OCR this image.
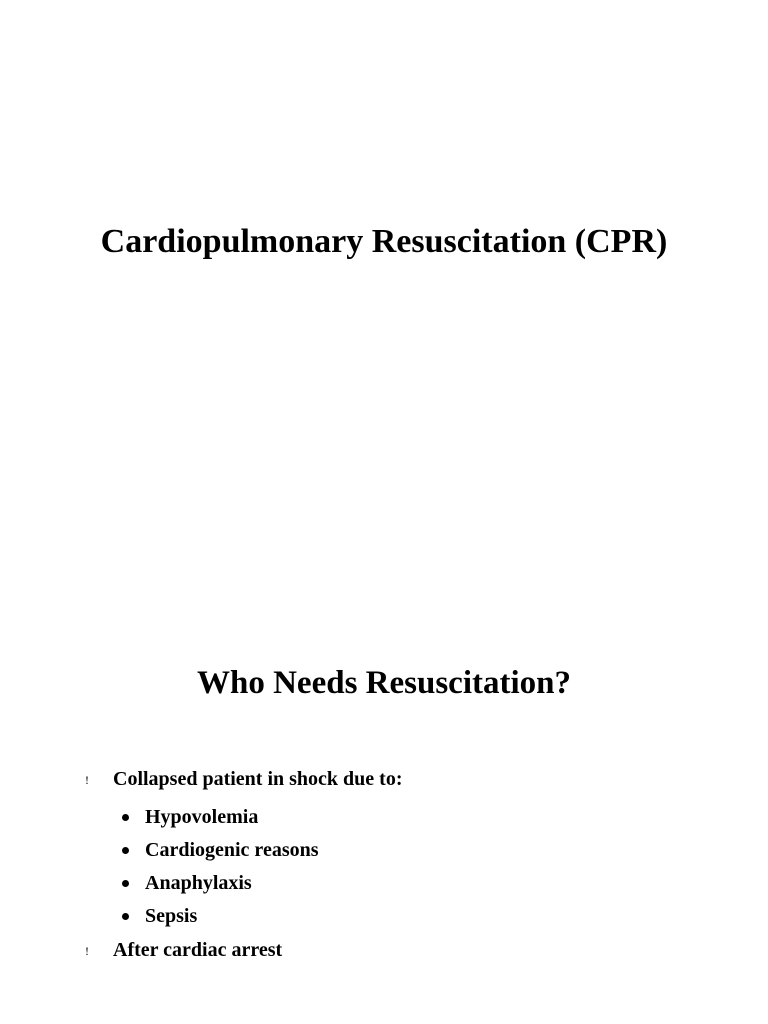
Cardiopulmonary Resuscitation (CPR)
Who Needs Resuscitation?
! Collapsed patient in shock due to:
Hypovolemia
Cardiogenic reasons
Anaphylaxis
Sepsis
! After cardiac arrest
